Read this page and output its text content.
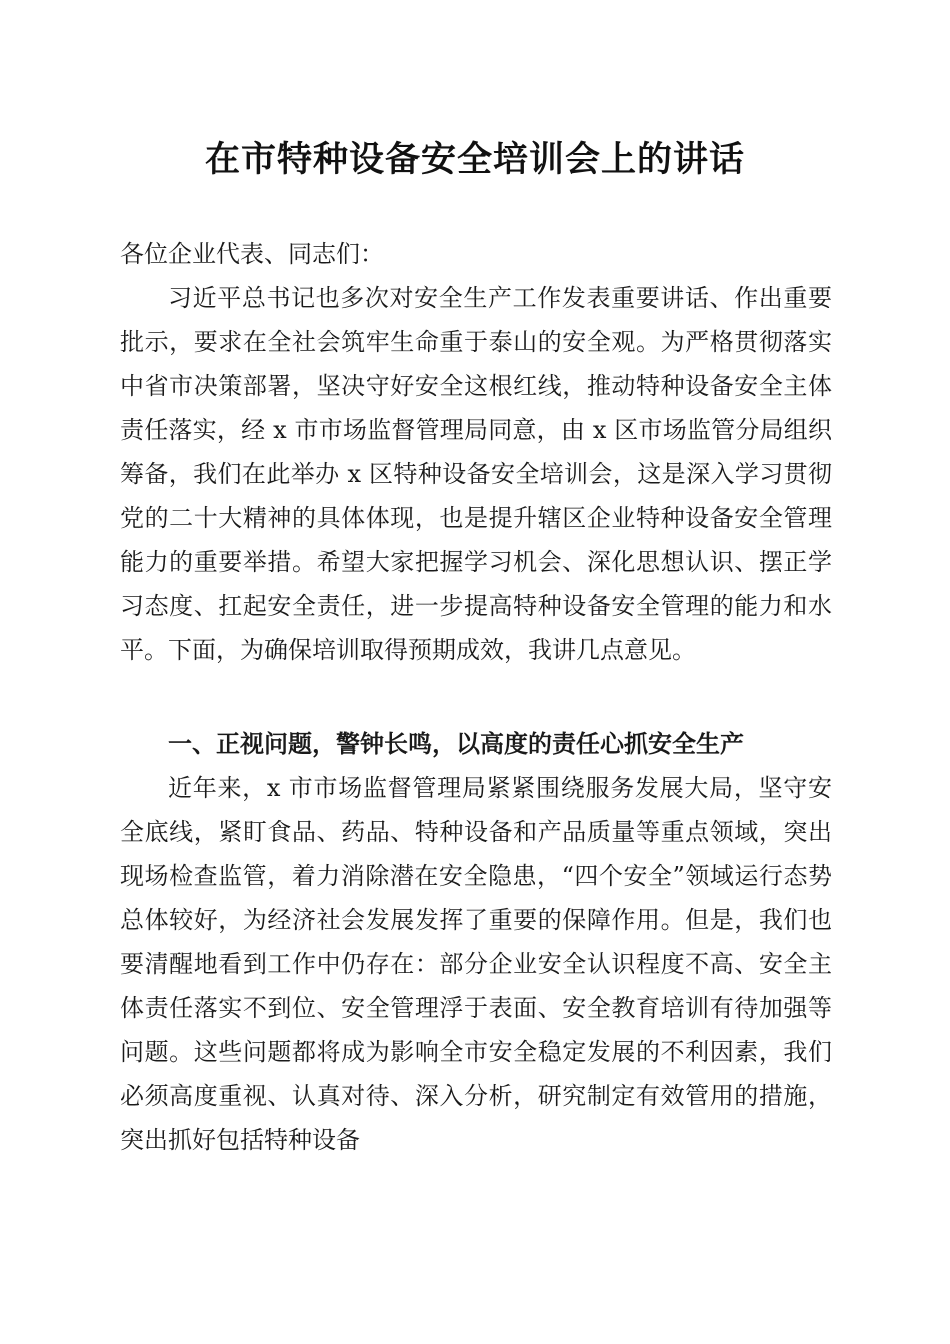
在市特种设备安全培训会上的讲话
各位企业代表、同志们：
习近平总书记也多次对安全生产工作发表重要讲话、作出重要批示，要求在全社会筑牢生命重于泰山的安全观。为严格贯彻落实中省市决策部署，坚决守好安全这根红线，推动特种设备安全主体责任落实，经 x 市市场监督管理局同意，由 x 区市场监管分局组织筹备，我们在此举办 x 区特种设备安全培训会，这是深入学习贯彻党的二十大精神的具体体现，也是提升辖区企业特种设备安全管理能力的重要举措。希望大家把握学习机会、深化思想认识、摆正学习态度、扛起安全责任，进一步提高特种设备安全管理的能力和水平。下面，为确保培训取得预期成效，我讲几点意见。
一、正视问题，警钟长鸣，以高度的责任心抓安全生产
近年来，x 市市场监督管理局紧紧围绕服务发展大局，坚守安全底线，紧盯食品、药品、特种设备和产品质量等重点领域，突出现场检查监管，着力消除潜在安全隐患，“四个安全”领域运行态势总体较好，为经济社会发展发挥了重要的保障作用。但是，我们也要清醒地看到工作中仍存在：部分企业安全认识程度不高、安全主体责任落实不到位、安全管理浮于表面、安全教育培训有待加强等问题。这些问题都将成为影响全市安全稳定发展的不利因素，我们必须高度重视、认真对待、深入分析，研究制定有效管用的措施，突出抓好包括特种设备
